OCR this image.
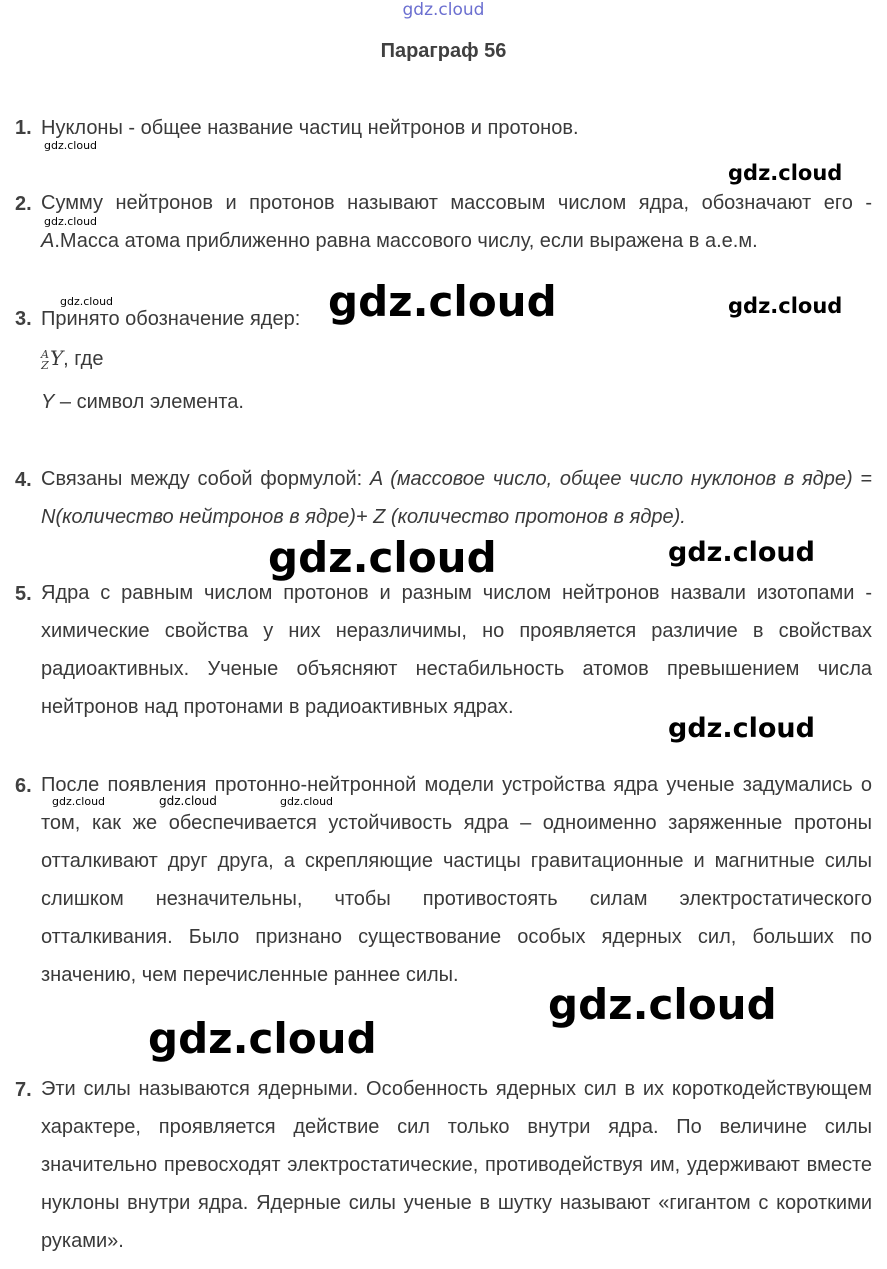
gdz.cloud
Параграф 56
1. Нуклоны - общее название частиц нейтронов и протонов.
2. Сумму нейтронов и протонов называют массовым числом ядра, обозначают его - A.Масса атома приближенно равна массового числу, если выражена в а.е.м.
3. Принято обозначение ядер:
A
Z Y, где
Y – символ элемента.
4. Связаны между собой формулой: A (массовое число, общее число нуклонов в ядре) = N(количество нейтронов в ядре)+ Z (количество протонов в ядре).
5. Ядра с равным числом протонов и разным числом нейтронов назвали изотопами - химические свойства у них неразличимы, но проявляется различие в свойствах радиоактивных. Ученые объясняют нестабильность атомов превышением числа нейтронов над протонами в радиоактивных ядрах.
6. После появления протонно-нейтронной модели устройства ядра ученые задумались о том, как же обеспечивается устойчивость ядра – одноименно заряженные протоны отталкивают друг друга, а скрепляющие частицы гравитационные и магнитные силы слишком незначительны, чтобы противостоять силам электростатического отталкивания. Было признано существование особых ядерных сил, больших по значению, чем перечисленные раннее силы.
7. Эти силы называются ядерными. Особенность ядерных сил в их короткодействующем характере, проявляется действие сил только внутри ядра. По величине силы значительно превосходят электростатические, противодействуя им, удерживают вместе нуклоны внутри ядра. Ядерные силы ученые в шутку называют «гигантом с короткими руками».
gdz.cloud
gdz.cloud
gdz.cloud
gdz.cloud	gdz.cloud	gdz.cloud
gdz.cloud	gdz.cloud
gdz.cloud
gdz.cloud	gdz.cloud	gdz.cloud
gdz.cloud
gdz.cloud
